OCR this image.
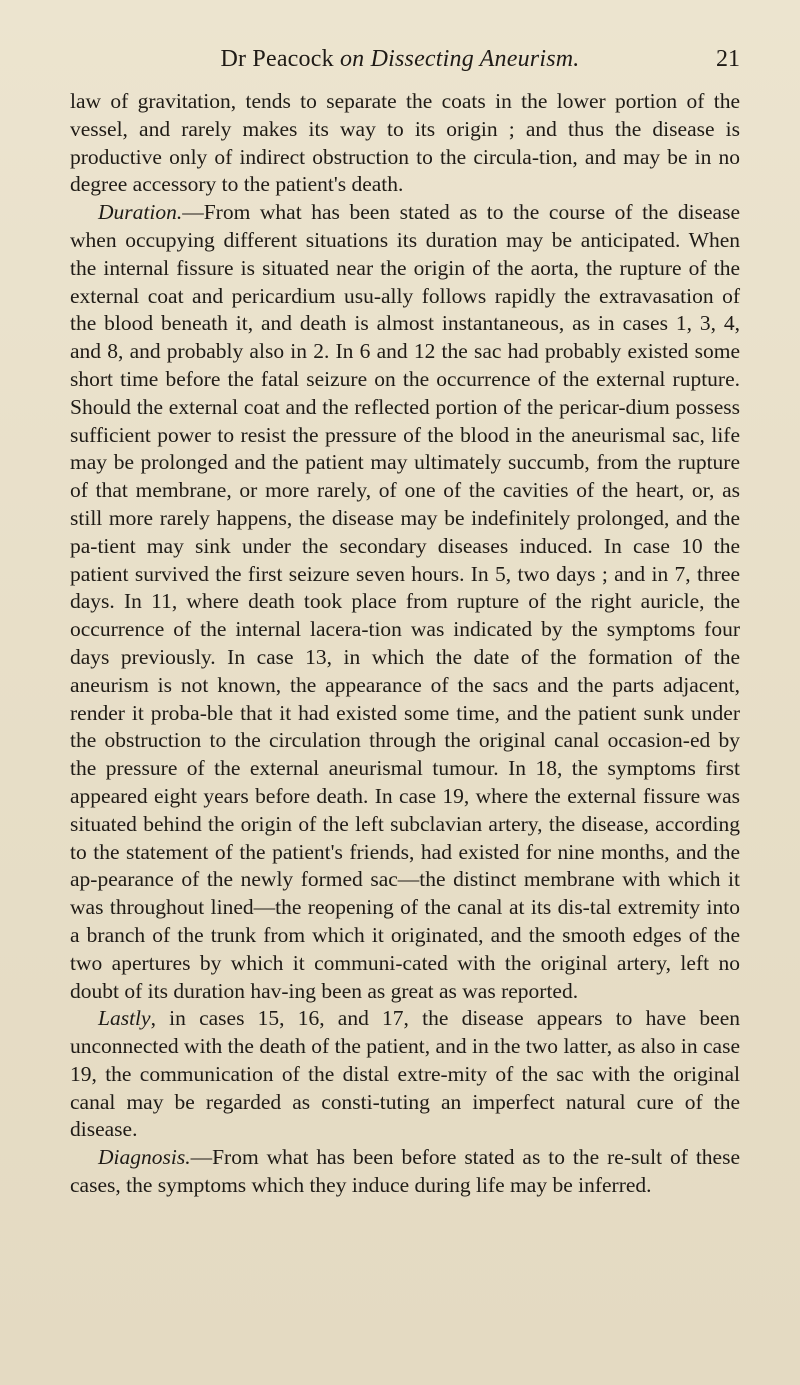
Dr Peacock on Dissecting Aneurism.	21

law of gravitation, tends to separate the coats in the lower portion of the vessel, and rarely makes its way to its origin ; and thus the disease is productive only of indirect obstruction to the circula-tion, and may be in no degree accessory to the patient's death.

Duration.—From what has been stated as to the course of the disease when occupying different situations its duration may be anticipated. When the internal fissure is situated near the origin of the aorta, the rupture of the external coat and pericardium usu-ally follows rapidly the extravasation of the blood beneath it, and death is almost instantaneous, as in cases 1, 3, 4, and 8, and probably also in 2. In 6 and 12 the sac had probably existed some short time before the fatal seizure on the occurrence of the external rupture. Should the external coat and the reflected portion of the pericar-dium possess sufficient power to resist the pressure of the blood in the aneurismal sac, life may be prolonged and the patient may ultimately succumb, from the rupture of that membrane, or more rarely, of one of the cavities of the heart, or, as still more rarely happens, the disease may be indefinitely prolonged, and the pa-tient may sink under the secondary diseases induced. In case 10 the patient survived the first seizure seven hours. In 5, two days ; and in 7, three days. In 11, where death took place from rupture of the right auricle, the occurrence of the internal lacera-tion was indicated by the symptoms four days previously. In case 13, in which the date of the formation of the aneurism is not known, the appearance of the sacs and the parts adjacent, render it proba-ble that it had existed some time, and the patient sunk under the obstruction to the circulation through the original canal occasion-ed by the pressure of the external aneurismal tumour. In 18, the symptoms first appeared eight years before death. In case 19, where the external fissure was situated behind the origin of the left subclavian artery, the disease, according to the statement of the patient's friends, had existed for nine months, and the ap-pearance of the newly formed sac—the distinct membrane with which it was throughout lined—the reopening of the canal at its dis-tal extremity into a branch of the trunk from which it originated, and the smooth edges of the two apertures by which it communi-cated with the original artery, left no doubt of its duration hav-ing been as great as was reported.

Lastly, in cases 15, 16, and 17, the disease appears to have been unconnected with the death of the patient, and in the two latter, as also in case 19, the communication of the distal extre-mity of the sac with the original canal may be regarded as consti-tuting an imperfect natural cure of the disease.

Diagnosis.—From what has been before stated as to the re-sult of these cases, the symptoms which they induce during life may be inferred.
